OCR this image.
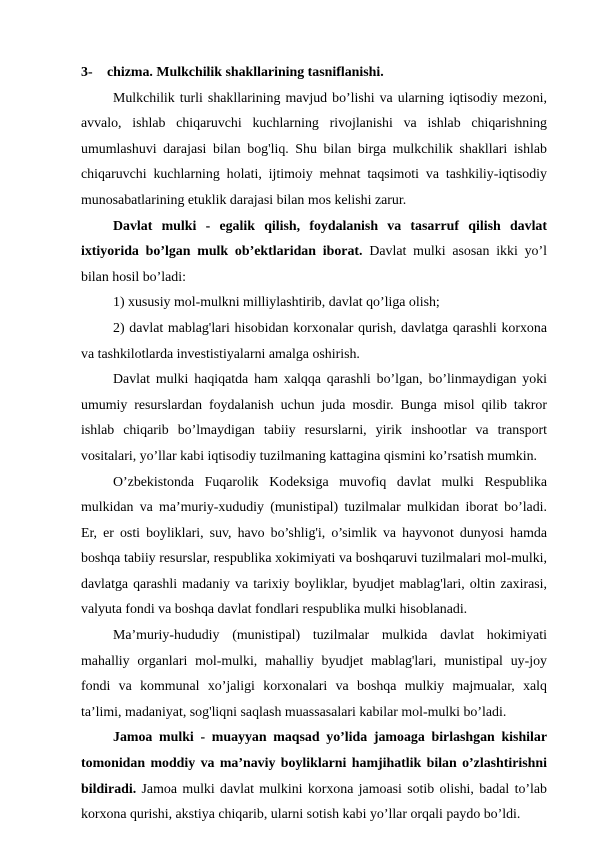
3- chizma. Mulkchilik shakllarining tasniflanishi.

Mulkchilik turli shakllarining mavjud bo’lishi va ularning iqtisodiy mezoni, avvalo, ishlab chiqaruvchi kuchlarning rivojlanishi va ishlab chiqarishning umumlashuvi darajasi bilan bog'liq. Shu bilan birga mulkchilik shakllari ishlab chiqaruvchi kuchlarning holati, ijtimoiy mehnat taqsimoti va tashkiliy-iqtisodiy munosabatlarining etuklik darajasi bilan mos kelishi zarur.

Davlat mulki - egalik qilish, foydalanish va tasarruf qilish davlat ixtiyorida bo’lgan mulk ob’ektlaridan iborat. Davlat mulki asosan ikki yo’l bilan hosil bo’ladi:

1) xususiy mol-mulkni milliylashtirib, davlat qo’liga olish;

2) davlat mablag'lari hisobidan korxonalar qurish, davlatga qarashli korxona va tashkilotlarda investistiyalarni amalga oshirish.

Davlat mulki haqiqatda ham xalqqa qarashli bo’lgan, bo’linmaydigan yoki umumiy resurslardan foydalanish uchun juda mosdir. Bunga misol qilib takror ishlab chiqarib bo’lmaydigan tabiiy resurslarni, yirik inshootlar va transport vositalari, yo’llar kabi iqtisodiy tuzilmaning kattagina qismini ko’rsatish mumkin.

O’zbekistonda Fuqarolik Kodeksiga muvofiq davlat mulki Respublika mulkidan va ma’muriy-xududiy (munistipal) tuzilmalar mulkidan iborat bo’ladi. Er, er osti boyliklari, suv, havo bo’shlig'i, o’simlik va hayvonot dunyosi hamda boshqa tabiiy resurslar, respublika xokimiyati va boshqaruvi tuzilmalari mol-mulki, davlatga qarashli madaniy va tarixiy boyliklar, byudjet mablag'lari, oltin zaxirasi, valyuta fondi va boshqa davlat fondlari respublika mulki hisoblanadi.

Ma’muriy-hududiy (munistipal) tuzilmalar mulkida davlat hokimiyati mahalliy organlari mol-mulki, mahalliy byudjet mablag'lari, munistipal uy-joy fondi va kommunal xo’jaligi korxonalari va boshqa mulkiy majmualar, xalq ta’limi, madaniyat, sog'liqni saqlash muassasalari kabilar mol-mulki bo’ladi.

Jamoa mulki - muayyan maqsad yo’lida jamoaga birlashgan kishilar tomonidan moddiy va ma’naviy boyliklarni hamjihatlik bilan o’zlashtirishni bildiradi. Jamoa mulki davlat mulkini korxona jamoasi sotib olishi, badal to’lab korxona qurishi, akstiya chiqarib, ularni sotish kabi yo’llar orqali paydo bo’ldi.
